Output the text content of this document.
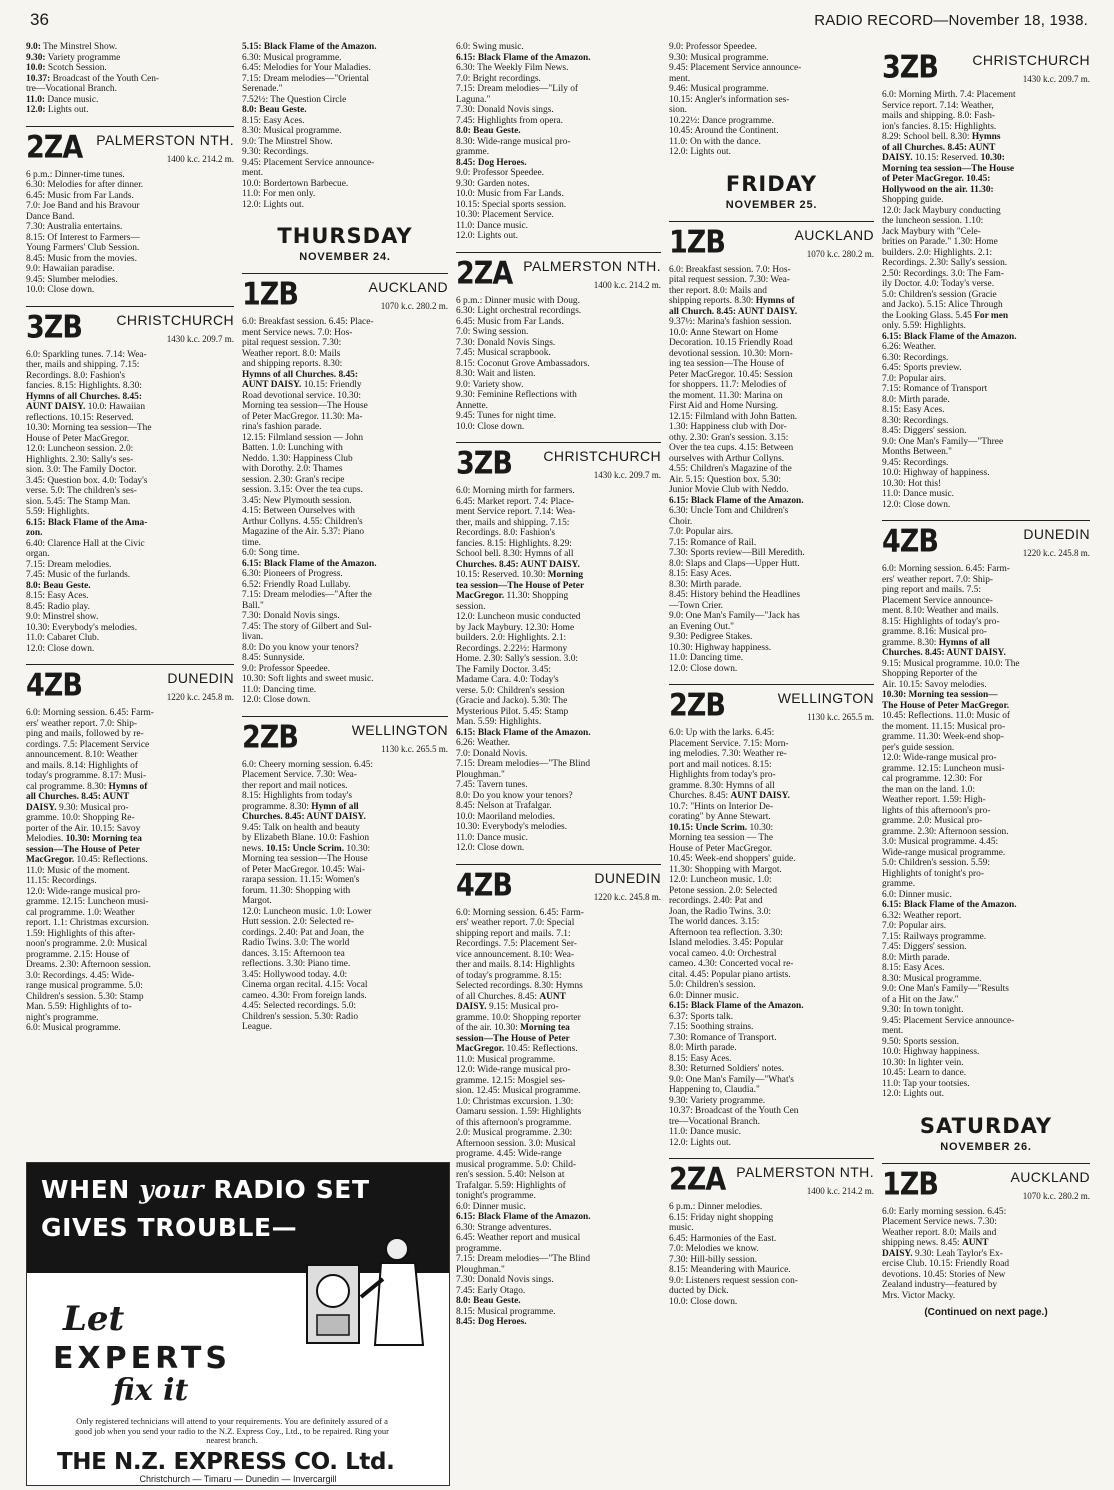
36	RADIO RECORD—November 18, 1938.

9.0: The Minstrel Show.

9.30: Variety programme

10.0: Scotch Session.

10.37: Broadcast of the Youth Cen-

tre—Vocational Branch.

11.0: Dance music.

12.0: Lights out.

2ZA PALMERSTON NTH.
1400 k.c. 214.2 m.

6 p.m.: Dinner-time tunes.

6.30: Melodies for after dinner.

6.45: Music from Far Lands.

7.0: Joe Band and his Bravour

Dance Band.

7.30: Australia entertains.

8.15: Of Interest to Farmers—

Young Farmers' Club Session.

8.45: Music from the movies.

9.0: Hawaiian paradise.

9.45: Slumber melodies.

10.0: Close down.

3ZB CHRISTCHURCH
1430 k.c. 209.7 m.

6.0: Sparkling tunes. 7.14: Wea-

ther, mails and shipping. 7.15:

Recordings. 8.0: Fashion's

fancies. 8.15: Highlights. 8.30:

Hymns of all Churches. 8.45:

AUNT DAISY. 10.0: Hawaiian

reflections. 10.15: Reserved.

10.30: Morning tea session—The

House of Peter MacGregor.

12.0: Luncheon session. 2.0:

Highlights. 2.30: Sally's ses-

sion. 3.0: The Family Doctor.

3.45: Question box. 4.0: Today's

verse. 5.0: The children's ses-

sion. 5.45: The Stamp Man.

5.59: Highlights.

6.15: Black Flame of the Ama-

zon.

6.40: Clarence Hall at the Civic

organ.

7.15: Dream melodies.

7.45: Music of the furlands.

8.0: Beau Geste.

8.15: Easy Aces.

8.45: Radio play.

9.0: Minstrel show.

10.30: Everybody's melodies.

11.0: Cabaret Club.

12.0: Close down.

4ZB	DUNEDIN
1220 k.c. 245.8 m.

6.0: Morning session. 6.45: Farm-

ers' weather report. 7.0: Ship-

ping and mails, followed by re-

cordings. 7.5: Placement Service

announcement. 8.10: Weather

and mails. 8.14: Highlights of

today's programme. 8.17: Musi-

cal programme. 8.30: Hymns of

all Churches. 8.45: AUNT

DAISY. 9.30: Musical pro-

gramme. 10.0: Shopping Re-

porter of the Air. 10.15: Savoy

Melodies. 10.30: Morning tea

session—The House of Peter

MacGregor. 10.45: Reflections.

11.0: Music of the moment.

11.15: Recordings.

12.0: Wide-range musical pro-

gramme. 12.15: Luncheon musi-

cal programme. 1.0: Weather

report. 1.1: Christmas excursion.

1.59: Highlights of this after-

noon's programme. 2.0: Musical

programme. 2.15: House of

Dreams. 2.30: Afternoon session.

3.0: Recordings. 4.45: Wide-

range musical programme. 5.0:

Children's session. 5.30: Stamp

Man. 5.59: Highlights of to-

night's programme.

6.0: Musical programme.

5.15: Black Flame of the Amazon.

6.30: Musical programme.

6.45: Melodies for Your Maladies.

7.15: Dream melodies—"Oriental

Serenade."

7.52½: The Question Circle

8.0: Beau Geste.

8.15: Easy Aces.

8.30: Musical programme.

9.0: The Minstrel Show.

9.30: Recordings.

9.45: Placement Service announce-

ment.

10.0: Bordertown Barbecue.

11.0: For men only.

12.0: Lights out.

THURSDAY
NOVEMBER 24.
1ZB	AUCKLAND
1070 k.c. 280.2 m.

6.0: Breakfast session. 6.45: Place-

ment Service news. 7.0: Hos-

pital request session. 7.30:

Weather report. 8.0: Mails

and shipping reports. 8.30:

Hymns of all Churches. 8.45:

AUNT DAISY. 10.15: Friendly

Road devotional service. 10.30:

Morning tea session—The House

of Peter MacGregor. 11.30: Ma-

rina's fashion parade.

12.15: Filmland session — John

Batten. 1.0: Lunching with

Neddo. 1.30: Happiness Club

with Dorothy. 2.0: Thames

session. 2.30: Gran's recipe

session. 3.15: Over the tea cups.

3.45: New Plymouth session.

4.15: Between Ourselves with

Arthur Collyns. 4.55: Children's

Magazine of the Air. 5.37: Piano

time.

6.0: Song time.

6.15: Black Flame of the Amazon.

6.30: Pioneers of Progress.

6.52: Friendly Road Lullaby.

7.15: Dream melodies—"After the

Ball."

7.30: Donald Novis sings.

7.45: The story of Gilbert and Sul-

livan.

8.0: Do you know your tenors?

8.45: Sunnyside.

9.0: Professor Speedee.

10.30: Soft lights and sweet music.

11.0: Dancing time.

12.0: Close down.

2ZB	WELLINGTON
1130 k.c. 265.5 m.

6.0: Cheery morning session. 6.45:

Placement Service. 7.30: Wea-

ther report and mail notices.

8.15: Highlights from today's

programme. 8.30: Hymn of all

Churches. 8.45: AUNT DAISY.

9.45: Talk on health and beauty

by Elizabeth Blane. 10.0: Fashion

news. 10.15: Uncle Scrim. 10.30:

Morning tea session—The House

of Peter MacGregor. 10.45: Wai-

rarapa session. 11.15: Women's

forum. 11.30: Shopping with

Margot.

12.0: Luncheon music. 1.0: Lower

Hutt session. 2.0: Selected re-

cordings. 2.40: Pat and Joan, the

Radio Twins. 3.0: The world

dances. 3.15: Afternoon tea

reflections. 3.30: Piano time.

3.45: Hollywood today. 4.0:

Cinema organ recital. 4.15: Vocal

cameo. 4.30: From foreign lands.

4.45: Selected recordings. 5.0:

Children's session. 5.30: Radio

League.

6.0: Swing music.

6.15: Black Flame of the Amazon.

6.30: The Weekly Film News.

7.0: Bright recordings.

7.15: Dream melodies—"Lily of

Laguna."

7.30: Donald Novis sings.

7.45: Highlights from opera.

8.0: Beau Geste.

8.30: Wide-range musical pro-

gramme.

8.45: Dog Heroes.

9.0: Professor Speedee.

9.30: Garden notes.

10.0: Music from Far Lands.

10.15: Special sports session.

10.30: Placement Service.

11.0: Dance music.

12.0: Lights out.

2ZA PALMERSTON NTH.
1400 k.c. 214.2 m.

6 p.m.: Dinner music with Doug.

6.30: Light orchestral recordings.

6.45: Music from Far Lands.

7.0: Swing session.

7.30: Donald Novis Sings.

7.45: Musical scrapbook.

8.15: Coconut Grove Ambassadors.

8.30: Wait and listen.

9.0: Variety show.

9.30: Feminine Reflections with

Annette.

9.45: Tunes for night time.

10.0: Close down.

3ZB CHRISTCHURCH
1430 k.c. 209.7 m.

6.0: Morning mirth for farmers.

6.45: Market report. 7.4: Place-

ment Service report. 7.14: Wea-

ther, mails and shipping. 7.15:

Recordings. 8.0: Fashion's

fancies. 8.15: Highlights. 8.29:

School bell. 8.30: Hymns of all

Churches. 8.45: AUNT DAISY.

10.15: Reserved. 10.30: Morning

tea session—The House of Peter

MacGregor. 11.30: Shopping

session.

12.0: Luncheon music conducted

by Jack Maybury. 12.30: Home

builders. 2.0: Highlights. 2.1:

Recordings. 2.22½: Harmony

Home. 2.30: Sally's session. 3.0:

The Family Doctor. 3.45:

Madame Cara. 4.0: Today's

verse. 5.0: Children's session

(Gracie and Jacko). 5.30: The

Mysterious Pilot. 5.45: Stamp

Man. 5.59: Highlights.

6.15: Black Flame of the Amazon.

6.26: Weather.

7.0: Donald Novis.

7.15: Dream melodies—"The Blind

Ploughman."

7.45: Tavern tunes.

8.0: Do you know your tenors?

8.45: Nelson at Trafalgar.

10.0: Maoriland melodies.

10.30: Everybody's melodies.

11.0: Dance music.

12.0: Close down.

4ZB	DUNEDIN
1220 k.c. 245.8 m.

6.0: Morning session. 6.45: Farm-

ers' weather report. 7.0: Special

shipping report and mails. 7.1:

Recordings. 7.5: Placement Ser-

vice announcement. 8.10: Wea-

ther and mails. 8.14: Highlights

of today's programme. 8.15:

Selected recordings. 8.30: Hymns

of all Churches. 8.45: AUNT

DAISY. 9.15: Musical pro-

gramme. 10.0: Shopping reporter

of the air. 10.30: Morning tea

session—The House of Peter

MacGregor. 10.45: Reflections.

11.0: Musical programme.

12.0: Wide-range musical pro-

gramme. 12.15: Mosgiel ses-

sion. 12.45: Musical programme.

1.0: Christmas excursion. 1.30:

Oamaru session. 1.59: Highlights

of this afternoon's programme.

2.0: Musical programme. 2.30:

Afternoon session. 3.0: Musical

programe. 4.45: Wide-range

musical programme. 5.0: Child-

ren's session. 5.40: Nelson at

Trafalgar. 5.59: Highlights of

tonight's programme.

6.0: Dinner music.

6.15: Black Flame of the Amazon.

6.30: Strange adventures.

6.45: Weather report and musical

programme.

7.15: Dream melodies—"The Blind

Ploughman."

7.30: Donald Novis sings.

7.45: Early Otago.

8.0: Beau Geste.

8.15: Musical programme.

8.45: Dog Heroes.

9.0: Professor Speedee.

9.30: Musical programme.

9.45: Placement Service announce-

ment.

9.46: Musical programme.

10.15: Angler's information ses-

sion.

10.22½: Dance programme.

10.45: Around the Continent.

11.0: On with the dance.

12.0: Lights out.

FRIDAY
NOVEMBER 25.
1ZB	AUCKLAND
1070 k.c. 280.2 m.

6.0: Breakfast session. 7.0: Hos-

pital request session. 7.30: Wea-

ther report. 8.0: Mails and

shipping reports. 8.30: Hymns of

all Church. 8.45: AUNT DAISY.

9.37½: Marina's fashion session.

10.0: Anne Stewart on Home

Decoration. 10.15 Friendly Road

devotional session. 10.30: Morn-

ing tea session—The House of

Peter MacGregor. 10.45: Session

for shoppers. 11.7: Melodies of

the moment. 11.30: Marina on

First Aid and Home Nursing.

12.15: Filmland with John Batten.

1.30: Happiness club with Dor-

othy. 2.30: Gran's session. 3.15:

Over the tea cups. 4.15: Between

ourselves with Arthur Collyns.

4.55: Children's Magazine of the

Air. 5.15: Question box. 5.30:

Junior Movie Club with Neddo.

6.15: Black Flame of the Amazon.

6.30: Uncle Tom and Children's

Choir.

7.0: Popular airs.

7.15: Romance of Rail.

7.30: Sports review—Bill Meredith.

8.0: Slaps and Claps—Upper Hutt.

8.15: Easy Aces.

8.30: Mirth parade.

8.45: History behind the Headlines

—Town Crier.

9.0: One Man's Family—"Jack has

an Evening Out."

9.30: Pedigree Stakes.

10.30: Highway happiness.

11.0: Dancing time.

12.0: Close down.

2ZB	WELLINGTON
1130 k.c. 265.5 m.

6.0: Up with the larks. 6.45:

Placement Service. 7.15: Morn-

ing melodies. 7.30: Weather re-

port and mail notices. 8.15:

Highlights from today's pro-

gramme. 8.30: Hymns of all

Churches. 8.45: AUNT DAISY.

10.7: "Hints on Interior De-

corating" by Anne Stewart.

10.15: Uncle Scrim. 10.30:

Morning tea session — The

House of Peter MacGregor.

10.45: Week-end shoppers' guide.

11.30: Shopping with Margot.

12.0: Luncheon music. 1.0:

Petone session. 2.0: Selected

recordings. 2.40: Pat and

Joan, the Radio Twins. 3.0:

The world dances. 3.15:

Afternoon tea reflection. 3.30:

Island melodies. 3.45: Popular

vocal cameo. 4.0: Orchestral

cameo. 4.30: Concerted vocal re-

cital. 4.45: Popular piano artists.

5.0: Children's session.

6.0: Dinner music.

6.15: Black Flame of the Amazon.

6.37: Sports talk.

7.15: Soothing strains.

7.30: Romance of Transport.

8.0: Mirth parade.

8.15: Easy Aces.

8.30: Returned Soldiers' notes.

9.0: One Man's Family—"What's

Happening to, Claudia."

9.30: Variety programme.

10.37: Broadcast of the Youth Cen

tre—Vocational Branch.

11.0: Dance music.

12.0: Lights out.

2ZA PALMERSTON NTH.
1400 k.c. 214.2 m.

6 p.m.: Dinner melodies.

6.15: Friday night shopping

music.

6.45: Harmonies of the East.

7.0: Melodies we know.

7.30: Hill-billy session.

8.15: Meandering with Maurice.

9.0: Listeners request session con-

ducted by Dick.

10.0: Close down.

3ZB CHRISTCHURCH
1430 k.c. 209.7 m.

6.0: Morning Mirth. 7.4: Placement

Service report. 7.14: Weather,

mails and shipping. 8.0: Fash-

ion's fancies. 8.15: Highlights.

8.29: School bell. 8.30: Hymns

of all Churches. 8.45: AUNT

DAISY. 10.15: Reserved. 10.30:

Morning tea session—The House

of Peter MacGregor. 10.45:

Hollywood on the air. 11.30:

Shopping guide.

12.0: Jack Maybury conducting

the luncheon session. 1.10:

Jack Maybury with "Cele-

brities on Parade." 1.30: Home

builders. 2.0: Highlights. 2.1:

Recordings. 2.30: Sally's session.

2.50: Recordings. 3.0: The Fam-

ily Doctor. 4.0: Today's verse.

5.0: Children's session (Gracie

and Jacko). 5.15: Alice Through

the Looking Glass. 5.45 For men

only. 5.59: Highlights.

6.15: Black Flame of the Amazon.

6.26: Weather.

6.30: Recordings.

6.45: Sports preview.

7.0: Popular airs.

7.15: Romance of Transport

8.0: Mirth parade.

8.15: Easy Aces.

8.30: Recordings.

8.45: Diggers' session.

9.0: One Man's Family—"Three

Months Between."

9.45: Recordings.

10.0: Highway of happiness.

10.30: Hot this!

11.0: Dance music.

12.0: Close down.

4ZB	DUNEDIN
1220 k.c. 245.8 m.

6.0: Morning session. 6.45: Farm-

ers' weather report. 7.0: Ship-

ping report and mails. 7.5:

Placement Service announce-

ment. 8.10: Weather and mails.

8.15: Highlights of today's pro-

gramme. 8.16: Musical pro-

gramme. 8.30: Hymns of all

Churches. 8.45: AUNT DAISY.

9.15: Musical programme. 10.0: The

Shopping Reporter of the

Air. 10.15: Savoy melodies.

10.30: Morning tea session—

The House of Peter MacGregor.

10.45: Reflections. 11.0: Music of

the moment. 11.15: Musical pro-

gramme. 11.30: Week-end shop-

per's guide session.

12.0: Wide-range musical pro-

gramme. 12.15: Luncheon musi-

cal programme. 12.30: For

the man on the land. 1.0:

Weather report. 1.59: High-

lights of this afternoon's pro-

gramme. 2.0: Musical pro-

gramme. 2.30: Afternoon session.

3.0: Musical programme. 4.45:

Wide-range musical programme.

5.0: Children's session. 5.59:

Highlights of tonight's pro-

gramme.

6.0: Dinner music.

6.15: Black Flame of the Amazon.

6.32: Weather report.

7.0: Popular airs.

7.15: Railways programme.

7.45: Diggers' session.

8.0: Mirth parade.

8.15: Easy Aces.

8.30: Musical programme.

9.0: One Man's Family—"Results

of a Hit on the Jaw."

9.30: In town tonight.

9.45: Placement Service announce-

ment.

9.50: Sports session.

10.0: Highway happiness.

10.30: In lighter vein.

10.45: Learn to dance.

11.0: Tap your tootsies.

12.0: Lights out.

SATURDAY
NOVEMBER 26.
1ZB	AUCKLAND
1070 k.c. 280.2 m.

6.0: Early morning session. 6.45:

Placement Service news. 7.30:

Weather report. 8.0: Mails and

shipping news. 8.45: AUNT

DAISY. 9.30: Leah Taylor's Ex-

ercise Club. 10.15: Friendly Road

devotions. 10.45: Stories of New

Zealand industry—featured by

Mrs. Victor Macky.

(Continued on next page.)
WHEN your RADIO SET
GIVES TROUBLE—
Let
EXPERTS
fix it
Only registered technicians will attend to your requirements. You are definitely assured of a good job when you send your radio to the N.Z. Express Coy., Ltd., to be repaired. Ring your nearest branch.
THE N.Z. EXPRESS CO. Ltd.
Christchurch — Timaru — Dunedin — Invercargill
